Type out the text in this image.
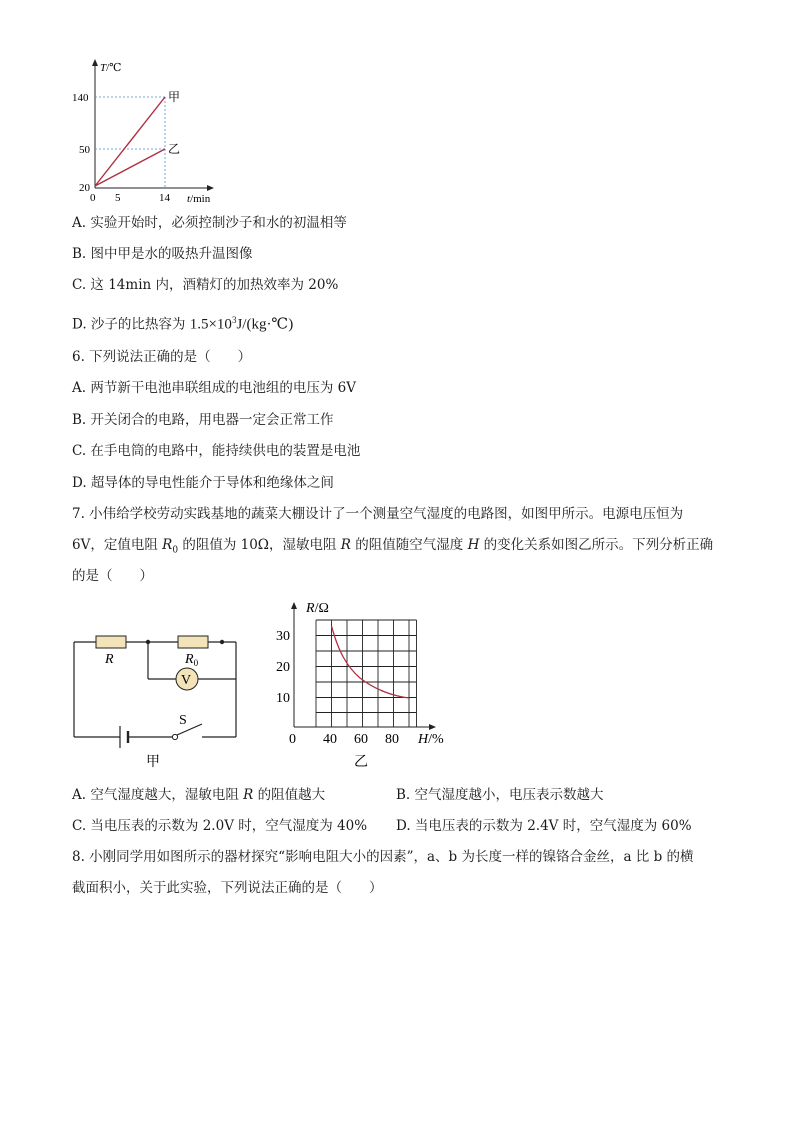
T/℃
140
50
20
0 5	14 t/min
甲
乙
A. 实验开始时，必须控制沙子和水的初温相等
B. 图中甲是水的吸热升温图像
C. 这 14min 内，酒精灯的加热效率为 20%
D. 沙子的比热容为 $1.5\times 10^3J/(kg\cdot℃)$
6. 下列说法正确的是（　　）
A. 两节新干电池串联组成的电池组的电压为 6V
B. 开关闭合的电路，用电器一定会正常工作
C. 在手电筒的电路中，能持续供电的装置是电池
D. 超导体的导电性能介于导体和绝缘体之间
7. 小伟给学校劳动实践基地的蔬菜大棚设计了一个测量空气湿度的电路图，如图甲所示。电源电压恒为
6V，定值电阻 $R_0$ 的阻值为 10Ω，湿敏电阻 R 的阻值随空气湿度 H 的变化关系如图乙所示。下列分析正确
的是（　　）
V
R	$R_0$
S
甲
R/Ω
30
20
10
0 40 60 80 H/%
乙
A. 空气湿度越大，湿敏电阻 R 的阻值越大	B. 空气湿度越小，电压表示数越大
C. 当电压表的示数为 2.0V 时，空气湿度为 40% D. 当电压表的示数为 2.4V 时，空气湿度为 60%
8. 小刚同学用如图所示的器材探究“影响电阻大小的因素”，a、b 为长度一样的镍铬合金丝，a 比 b 的横
截面积小，关于此实验，下列说法正确的是（　　）
